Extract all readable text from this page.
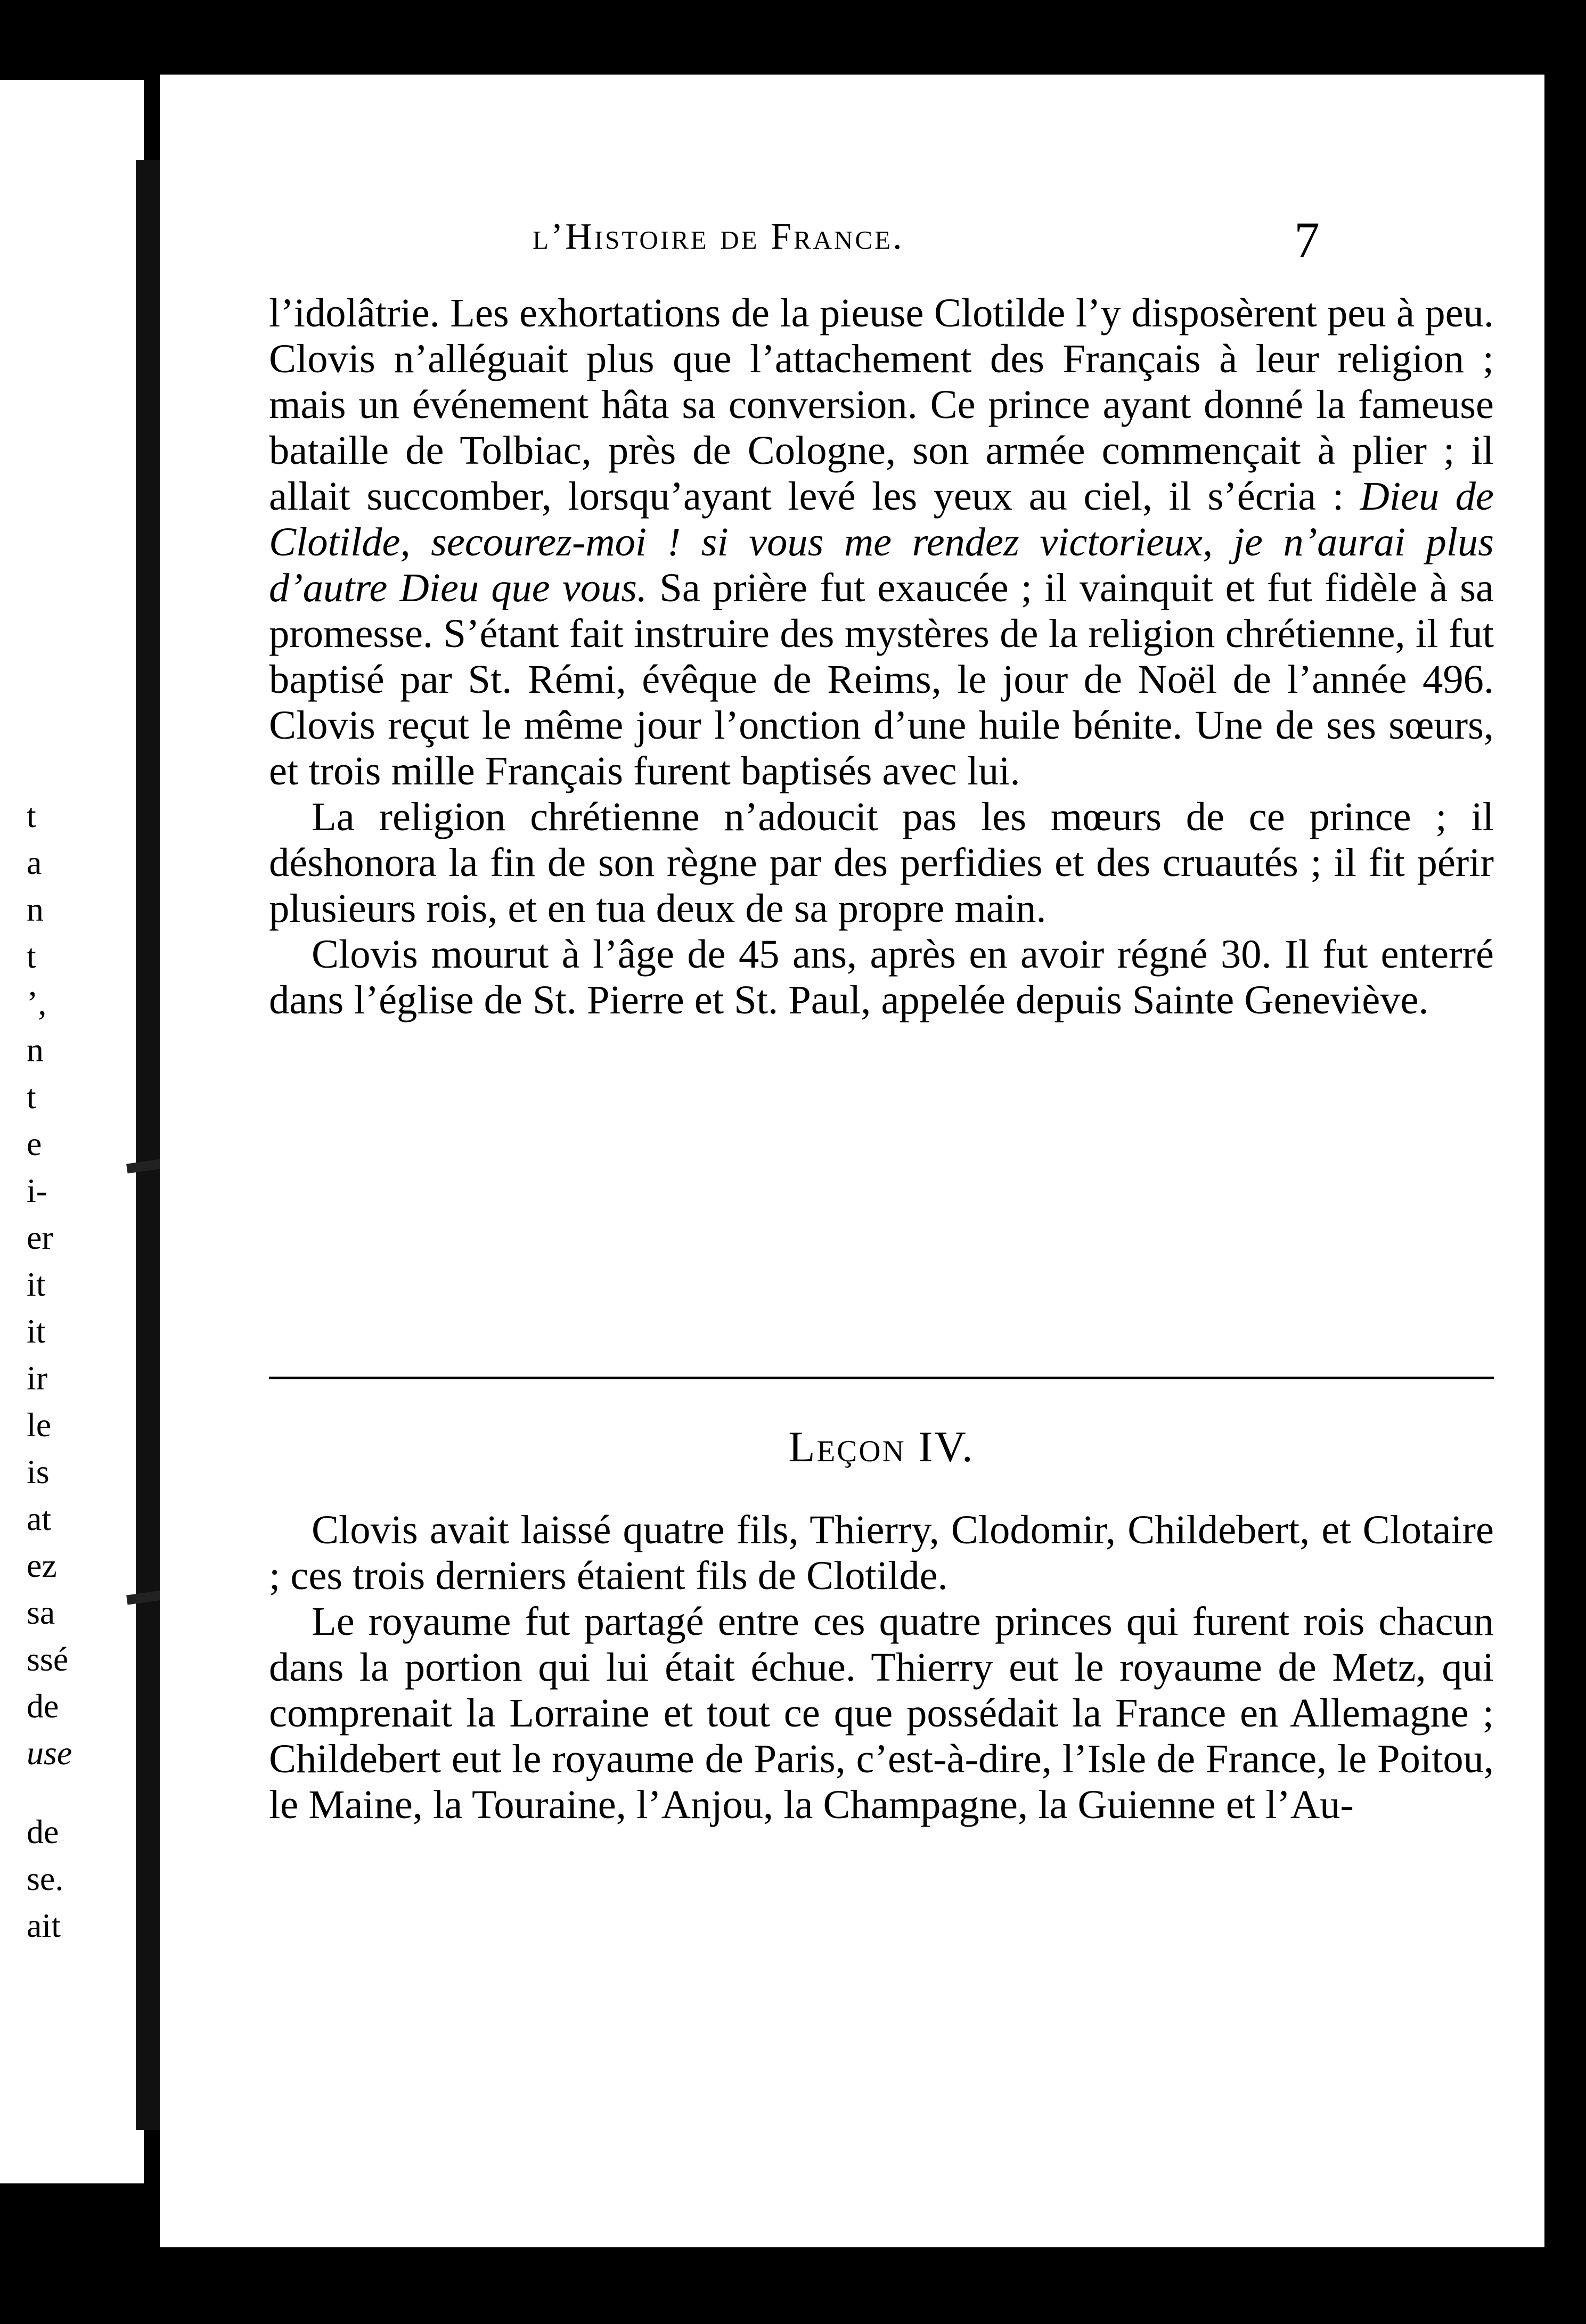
t
a
n
t
’,
n
t
e
i-
er
it
it
ir
le
is
at
ez
sa
ssé
de
use
de
se.
ait
l’Histoire de France.	7

l’idolâtrie. Les exhortations de la pieuse Clotilde l’y disposèrent peu à peu. Clovis n’alléguait plus que l’attachement des Français à leur religion ; mais un événement hâta sa conversion. Ce prince ayant donné la fameuse bataille de Tolbiac, près de Cologne, son armée commençait à plier ; il allait succomber, lorsqu’ayant levé les yeux au ciel, il s’écria : Dieu de Clotilde, secourez-moi ! si vous me rendez victorieux, je n’aurai plus d’autre Dieu que vous. Sa prière fut exaucée ; il vainquit et fut fidèle à sa promesse. S’étant fait instruire des mystères de la religion chrétienne, il fut baptisé par St. Rémi, évêque de Reims, le jour de Noël de l’année 496. Clovis reçut le même jour l’onction d’une huile bénite. Une de ses sœurs, et trois mille Français furent baptisés avec lui.

La religion chrétienne n’adoucit pas les mœurs de ce prince ; il déshonora la fin de son règne par des perfidies et des cruautés ; il fit périr plusieurs rois, et en tua deux de sa propre main.

Clovis mourut à l’âge de 45 ans, après en avoir régné 30. Il fut enterré dans l’église de St. Pierre et St. Paul, appelée depuis Sainte Geneviève.

Leçon IV.

Clovis avait laissé quatre fils, Thierry, Clodomir, Childebert, et Clotaire ; ces trois derniers étaient fils de Clotilde.

Le royaume fut partagé entre ces quatre princes qui furent rois chacun dans la portion qui lui était échue. Thierry eut le royaume de Metz, qui comprenait la Lorraine et tout ce que possédait la France en Allemagne ; Childebert eut le royaume de Paris, c’est-à-dire, l’Isle de France, le Poitou, le Maine, la Touraine, l’Anjou, la Champagne, la Guienne et l’Au-
